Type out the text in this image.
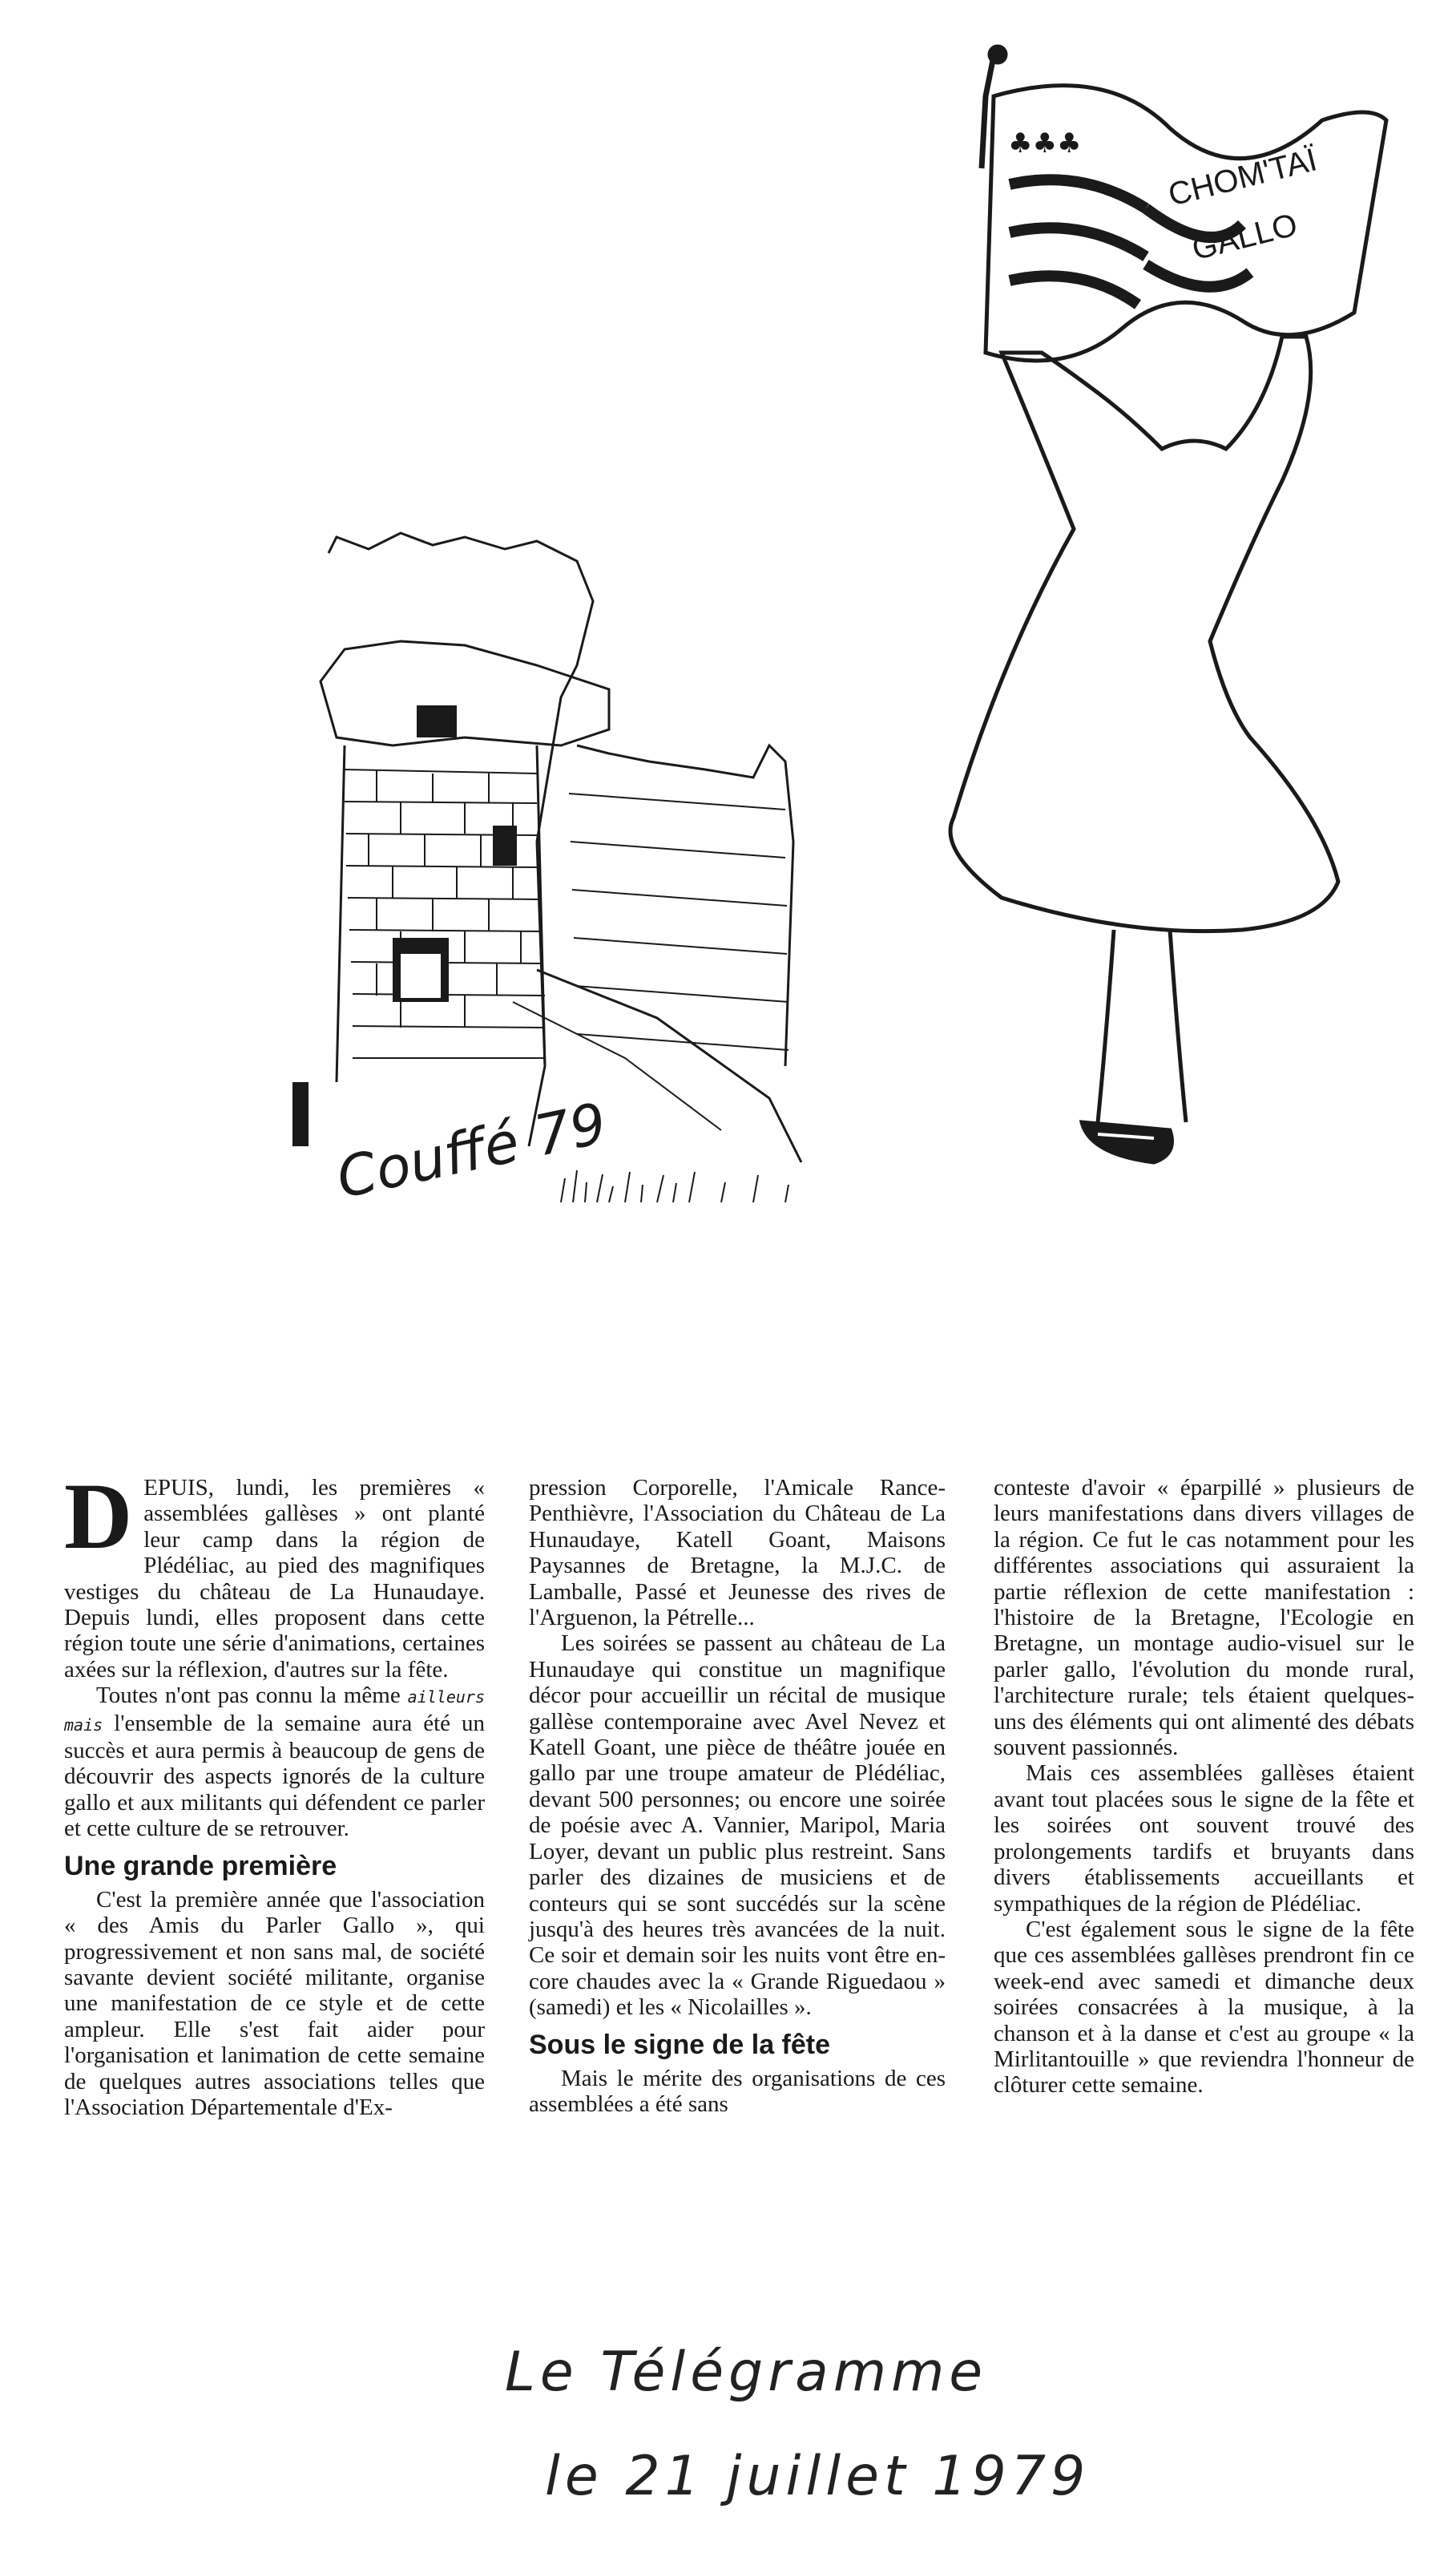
Couffé 79
♣♣♣	CHOM'TAÏ
GALLO

DEPUIS, lundi, les premières « assemblées gallèses » ont planté leur camp dans la région de Plédéliac, au pied des magnifiques vestiges du château de La Hunaudaye. Depuis lundi, elles proposent dans cette région toute une série d'animations, certaines axées sur la réflexion, d'autres sur la fête.

Toutes n'ont pas connu la même ailleurs mais l'ensemble de la semaine aura été un succès et aura permis à beaucoup de gens de découvrir des aspects ignorés de la culture gallo et aux militants qui défendent ce parler et cette culture de se retrouver.

Une grande première

C'est la première année que l'association « des Amis du Parler Gallo », qui progressivement et non sans mal, de société savante devient société militante, organise une manifestation de ce style et de cette ampleur. Elle s'est fait aider pour l'organisation et lanimation de cette semaine de quelques autres associations telles que l'Association Départementale d'Ex-

pression Corporelle, l'Amicale Rance-Penthièvre, l'Association du Château de La Hunaudaye, Katell Goant, Maisons Paysannes de Bretagne, la M.J.C. de Lamballe, Passé et Jeunesse des rives de l'Arguenon, la Pétrelle...

Les soirées se passent au château de La Hunaudaye qui constitue un magnifique décor pour accueillir un récital de musique gallèse contemporaine avec Avel Nevez et Katell Goant, une pièce de théâtre jouée en gallo par une troupe amateur de Plédéliac, devant 500 personnes; ou encore une soirée de poésie avec A. Vannier, Maripol, Maria Loyer, devant un public plus restreint. Sans parler des dizaines de musiciens et de conteurs qui se sont succédés sur la scène jusqu'à des heures très avancées de la nuit. Ce soir et demain soir les nuits vont être encore chaudes avec la « Grande Riguedaou » (samedi) et les « Nicolailles ».

Sous le signe de la fête

Mais le mérite des organisations de ces assemblées a été sans

conteste d'avoir « éparpillé » plusieurs de leurs manifestations dans divers villages de la région. Ce fut le cas notamment pour les différentes associations qui assuraient la partie réflexion de cette manifestation : l'histoire de la Bretagne, l'Ecologie en Bretagne, un montage audio-visuel sur le parler gallo, l'évolution du monde rural, l'architecture rurale; tels étaient quelques-uns des éléments qui ont alimenté des débats souvent passionnés.

Mais ces assemblées gallèses étaient avant tout placées sous le signe de la fête et les soirées ont souvent trouvé des prolongements tardifs et bruyants dans divers établissements accueillants et sympathiques de la région de Plédéliac.

C'est également sous le signe de la fête que ces assemblées gallèses prendront fin ce week-end avec samedi et dimanche deux soirées consacrées à la musique, à la chanson et à la danse et c'est au groupe « la Mirlitantouille » que reviendra l'honneur de clôturer cette semaine.

Le Télégramme
le 21 juillet 1979
